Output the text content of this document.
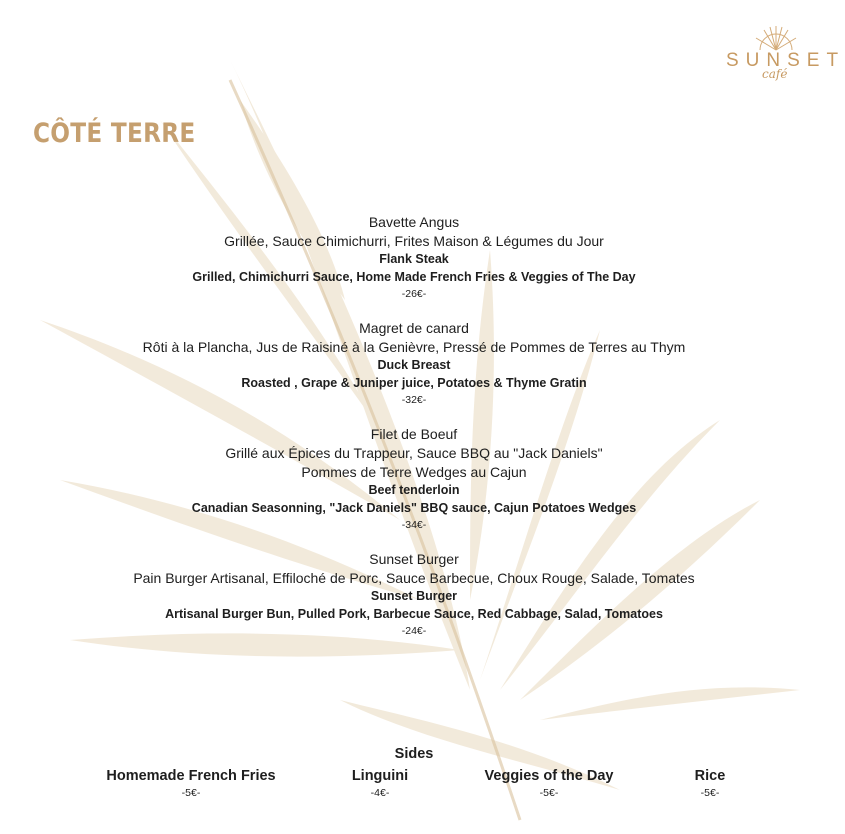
SUNSET
café
CÔTÉ TERRE
Bavette Angus
Grillée, Sauce Chimichurri, Frites Maison & Légumes du Jour
Flank Steak
Grilled, Chimichurri Sauce, Home Made French Fries & Veggies of The Day
-26€-
Magret de canard
Rôti à la Plancha, Jus de Raisiné à la Genièvre, Pressé de Pommes de Terres au Thym
Duck Breast
Roasted , Grape & Juniper juice, Potatoes & Thyme Gratin
-32€-
Filet de Boeuf
Grillé aux Épices du Trappeur, Sauce BBQ au "Jack Daniels"
Pommes de Terre Wedges au Cajun
Beef tenderloin
Canadian Seasonning, "Jack Daniels" BBQ sauce, Cajun Potatoes Wedges
-34€-
Sunset Burger
Pain Burger Artisanal, Effiloché de Porc, Sauce Barbecue, Choux Rouge, Salade, Tomates
Sunset Burger
Artisanal Burger Bun, Pulled Pork, Barbecue Sauce, Red Cabbage, Salad, Tomatoes
-24€-
Sides
Homemade French Fries
-5€-
Linguini
-4€-
Veggies of the Day
-5€-
Rice
-5€-
